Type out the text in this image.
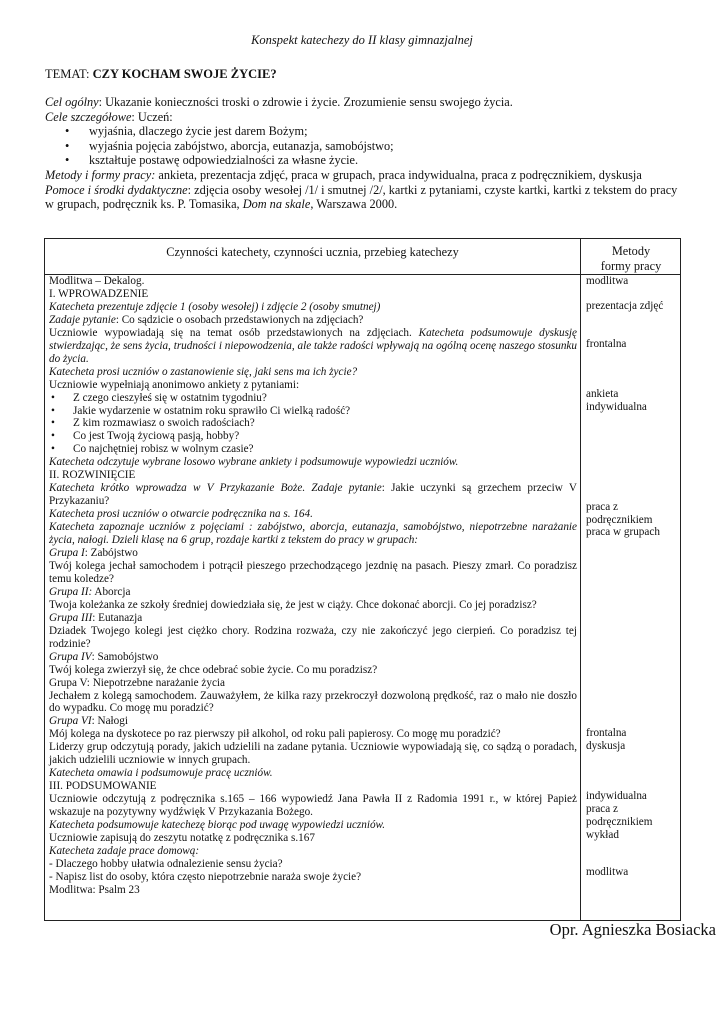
Konspekt katechezy do II klasy gimnazjalnej
TEMAT: CZY KOCHAM SWOJE ŻYCIE?

Cel ogólny: Ukazanie konieczności troski o zdrowie i życie. Zrozumienie sensu swojego życia.

Cele szczegółowe: Uczeń:

• wyjaśnia, dlaczego życie jest darem Bożym;
• wyjaśnia pojęcia zabójstwo, aborcja, eutanazja, samobójstwo;
• kształtuje postawę odpowiedzialności za własne życie.

Metody i formy pracy: ankieta, prezentacja zdjęć, praca w grupach, praca indywidualna, praca z podręcznikiem, dyskusja

Pomoce i środki dydaktyczne: zdjęcia osoby wesołej /1/ i smutnej /2/, kartki z pytaniami, czyste kartki, kartki z tekstem do pracy w grupach, podręcznik ks. P. Tomasika, Dom na skale, Warszawa 2000.

Czynności katechety, czynności ucznia, przebieg katechezy	Metody
formy pracy

Modlitwa – Dekalog.

I. WPROWADZENIE

Katecheta prezentuje zdjęcie 1 (osoby wesołej) i zdjęcie 2 (osoby smutnej)

Zadaje pytanie: Co sądzicie o osobach przedstawionych na zdjęciach?

Uczniowie wypowiadają się na temat osób przedstawionych na zdjęciach. Katecheta podsumowuje dyskusję stwierdzając, że sens życia, trudności i niepowodzenia, ale także radości wpływają na ogólną ocenę naszego stosunku do życia.

Katecheta prosi uczniów o zastanowienie się, jaki sens ma ich życie?

Uczniowie wypełniają anonimowo ankiety z pytaniami:

• Z czego cieszyłeś się w ostatnim tygodniu?
• Jakie wydarzenie w ostatnim roku sprawiło Ci wielką radość?
• Z kim rozmawiasz o swoich radościach?
• Co jest Twoją życiową pasją, hobby?
• Co najchętniej robisz w wolnym czasie?

Katecheta odczytuje wybrane losowo wybrane ankiety i podsumowuje wypowiedzi uczniów.

II. ROZWINIĘCIE

Katecheta krótko wprowadza w V Przykazanie Boże. Zadaje pytanie: Jakie uczynki są grzechem przeciw V Przykazaniu?

Katecheta prosi uczniów o otwarcie podręcznika na s. 164.

Katecheta zapoznaje uczniów z pojęciami : zabójstwo, aborcja, eutanazja, samobójstwo, niepotrzebne narażanie życia, nałogi. Dzieli klasę na 6 grup, rozdaje kartki z tekstem do pracy w grupach:

Grupa I: Zabójstwo

Twój kolega jechał samochodem i potrącił pieszego przechodzącego jezdnię na pasach. Pieszy zmarł. Co poradzisz temu koledze?

Grupa II: Aborcja

Twoja koleżanka ze szkoły średniej dowiedziała się, że jest w ciąży. Chce dokonać aborcji. Co jej poradzisz?

Grupa III: Eutanazja

Dziadek Twojego kolegi jest ciężko chory. Rodzina rozważa, czy nie zakończyć jego cierpień. Co poradzisz tej rodzinie?

Grupa IV: Samobójstwo

Twój kolega zwierzył się, że chce odebrać sobie życie. Co mu poradzisz?

Grupa V: Niepotrzebne narażanie życia

Jechałem z kolegą samochodem. Zauważyłem, że kilka razy przekroczył dozwoloną prędkość, raz o mało nie doszło do wypadku. Co mogę mu poradzić?

Grupa VI: Nałogi

Mój kolega na dyskotece po raz pierwszy pił alkohol, od roku pali papierosy. Co mogę mu poradzić?

Liderzy grup odczytują porady, jakich udzielili na zadane pytania. Uczniowie wypowiadają się, co sądzą o poradach, jakich udzielili uczniowie w innych grupach.

Katecheta omawia i podsumowuje pracę uczniów.

III. PODSUMOWANIE

Uczniowie odczytują z podręcznika s.165 – 166 wypowiedź Jana Pawła II z Radomia 1991 r., w której Papież wskazuje na pozytywny wydźwięk V Przykazania Bożego.

Katecheta podsumowuje katechezę biorąc pod uwagę wypowiedzi uczniów.

Uczniowie zapisują do zeszytu notatkę z podręcznika s.167

Katecheta zadaje prace domową:

- Dlaczego hobby ułatwia odnalezienie sensu życia?

- Napisz list do osoby, która często niepotrzebnie naraża swoje życie?

Modlitwa: Psalm 23

modlitwa
prezentacja zdjęć
frontalna
ankieta
indywidualna
praca z podręcznikiem
praca w grupach
frontalna
dyskusja
indywidualna
praca z podręcznikiem
wykład
modlitwa
Opr. Agnieszka Bosiacka
